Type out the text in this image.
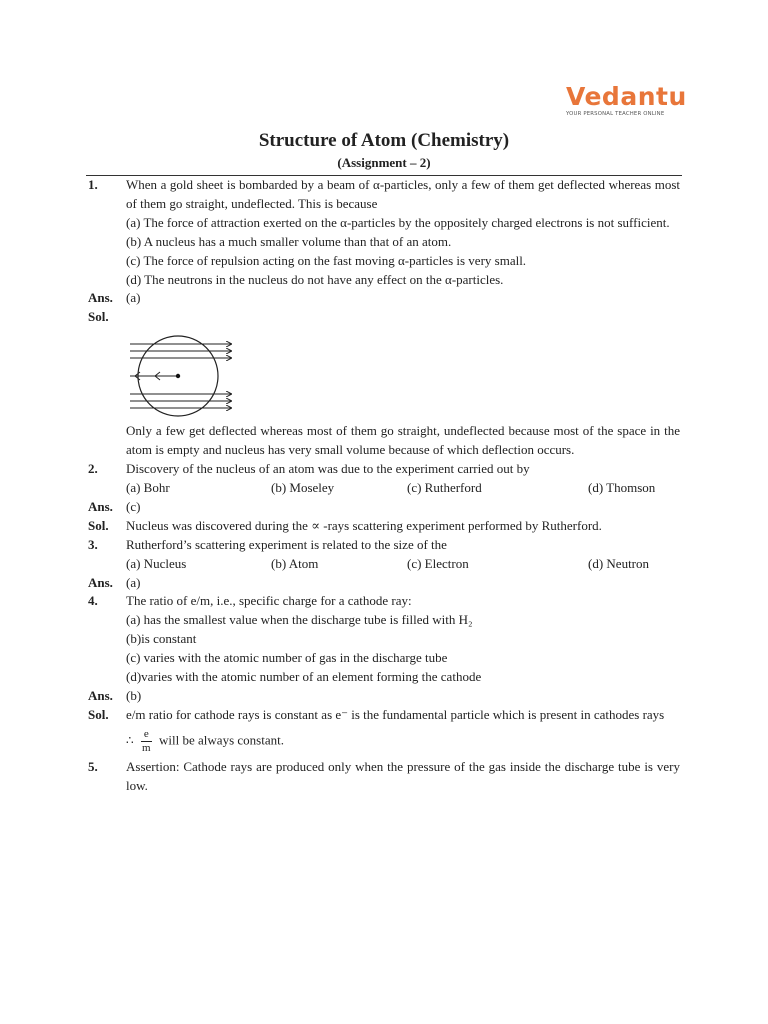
Vedantu
YOUR PERSONAL TEACHER ONLINE
Structure of Atom (Chemistry)
(Assignment – 2)
1.	When a gold sheet is bombarded by a beam of α-particles, only a few of them get deflected whereas most of them go straight, undeflected. This is because
(a) The force of attraction exerted on the α-particles by the oppositely charged electrons is not sufficient.
(b) A nucleus has a much smaller volume than that of an atom.
(c) The force of repulsion acting on the fast moving α-particles is very small.
(d) The neutrons in the nucleus do not have any effect on the α-particles.
Ans.	(a)
Sol.
Only a few get deflected whereas most of them go straight, undeflected because most of the space in the atom is empty and nucleus has very small volume because of which deflection occurs.
2.	Discovery of the nucleus of an atom was due to the experiment carried out by
(a) Bohr	(b) Moseley	(c) Rutherford	(d) Thomson
Ans.	(c)
Sol.	Nucleus was discovered during the ∝ -rays scattering experiment performed by Rutherford.
3.	Rutherford’s scattering experiment is related to the size of the
(a) Nucleus	(b) Atom	(c) Electron	(d) Neutron
Ans.	(a)
4.	The ratio of e/m, i.e., specific charge for a cathode ray:
(a) has the smallest value when the discharge tube is filled with H₂
(b)is constant
(c) varies with the atomic number of gas in the discharge tube
(d)varies with the atomic number of an element forming the cathode
Ans.	(b)
Sol.	e/m ratio for cathode rays is constant as e⁻ is the fundamental particle which is present in cathodes rays
∴ $\frac{e}{m}$ will be always constant.
5.	Assertion: Cathode rays are produced only when the pressure of the gas inside the discharge tube is very low.
